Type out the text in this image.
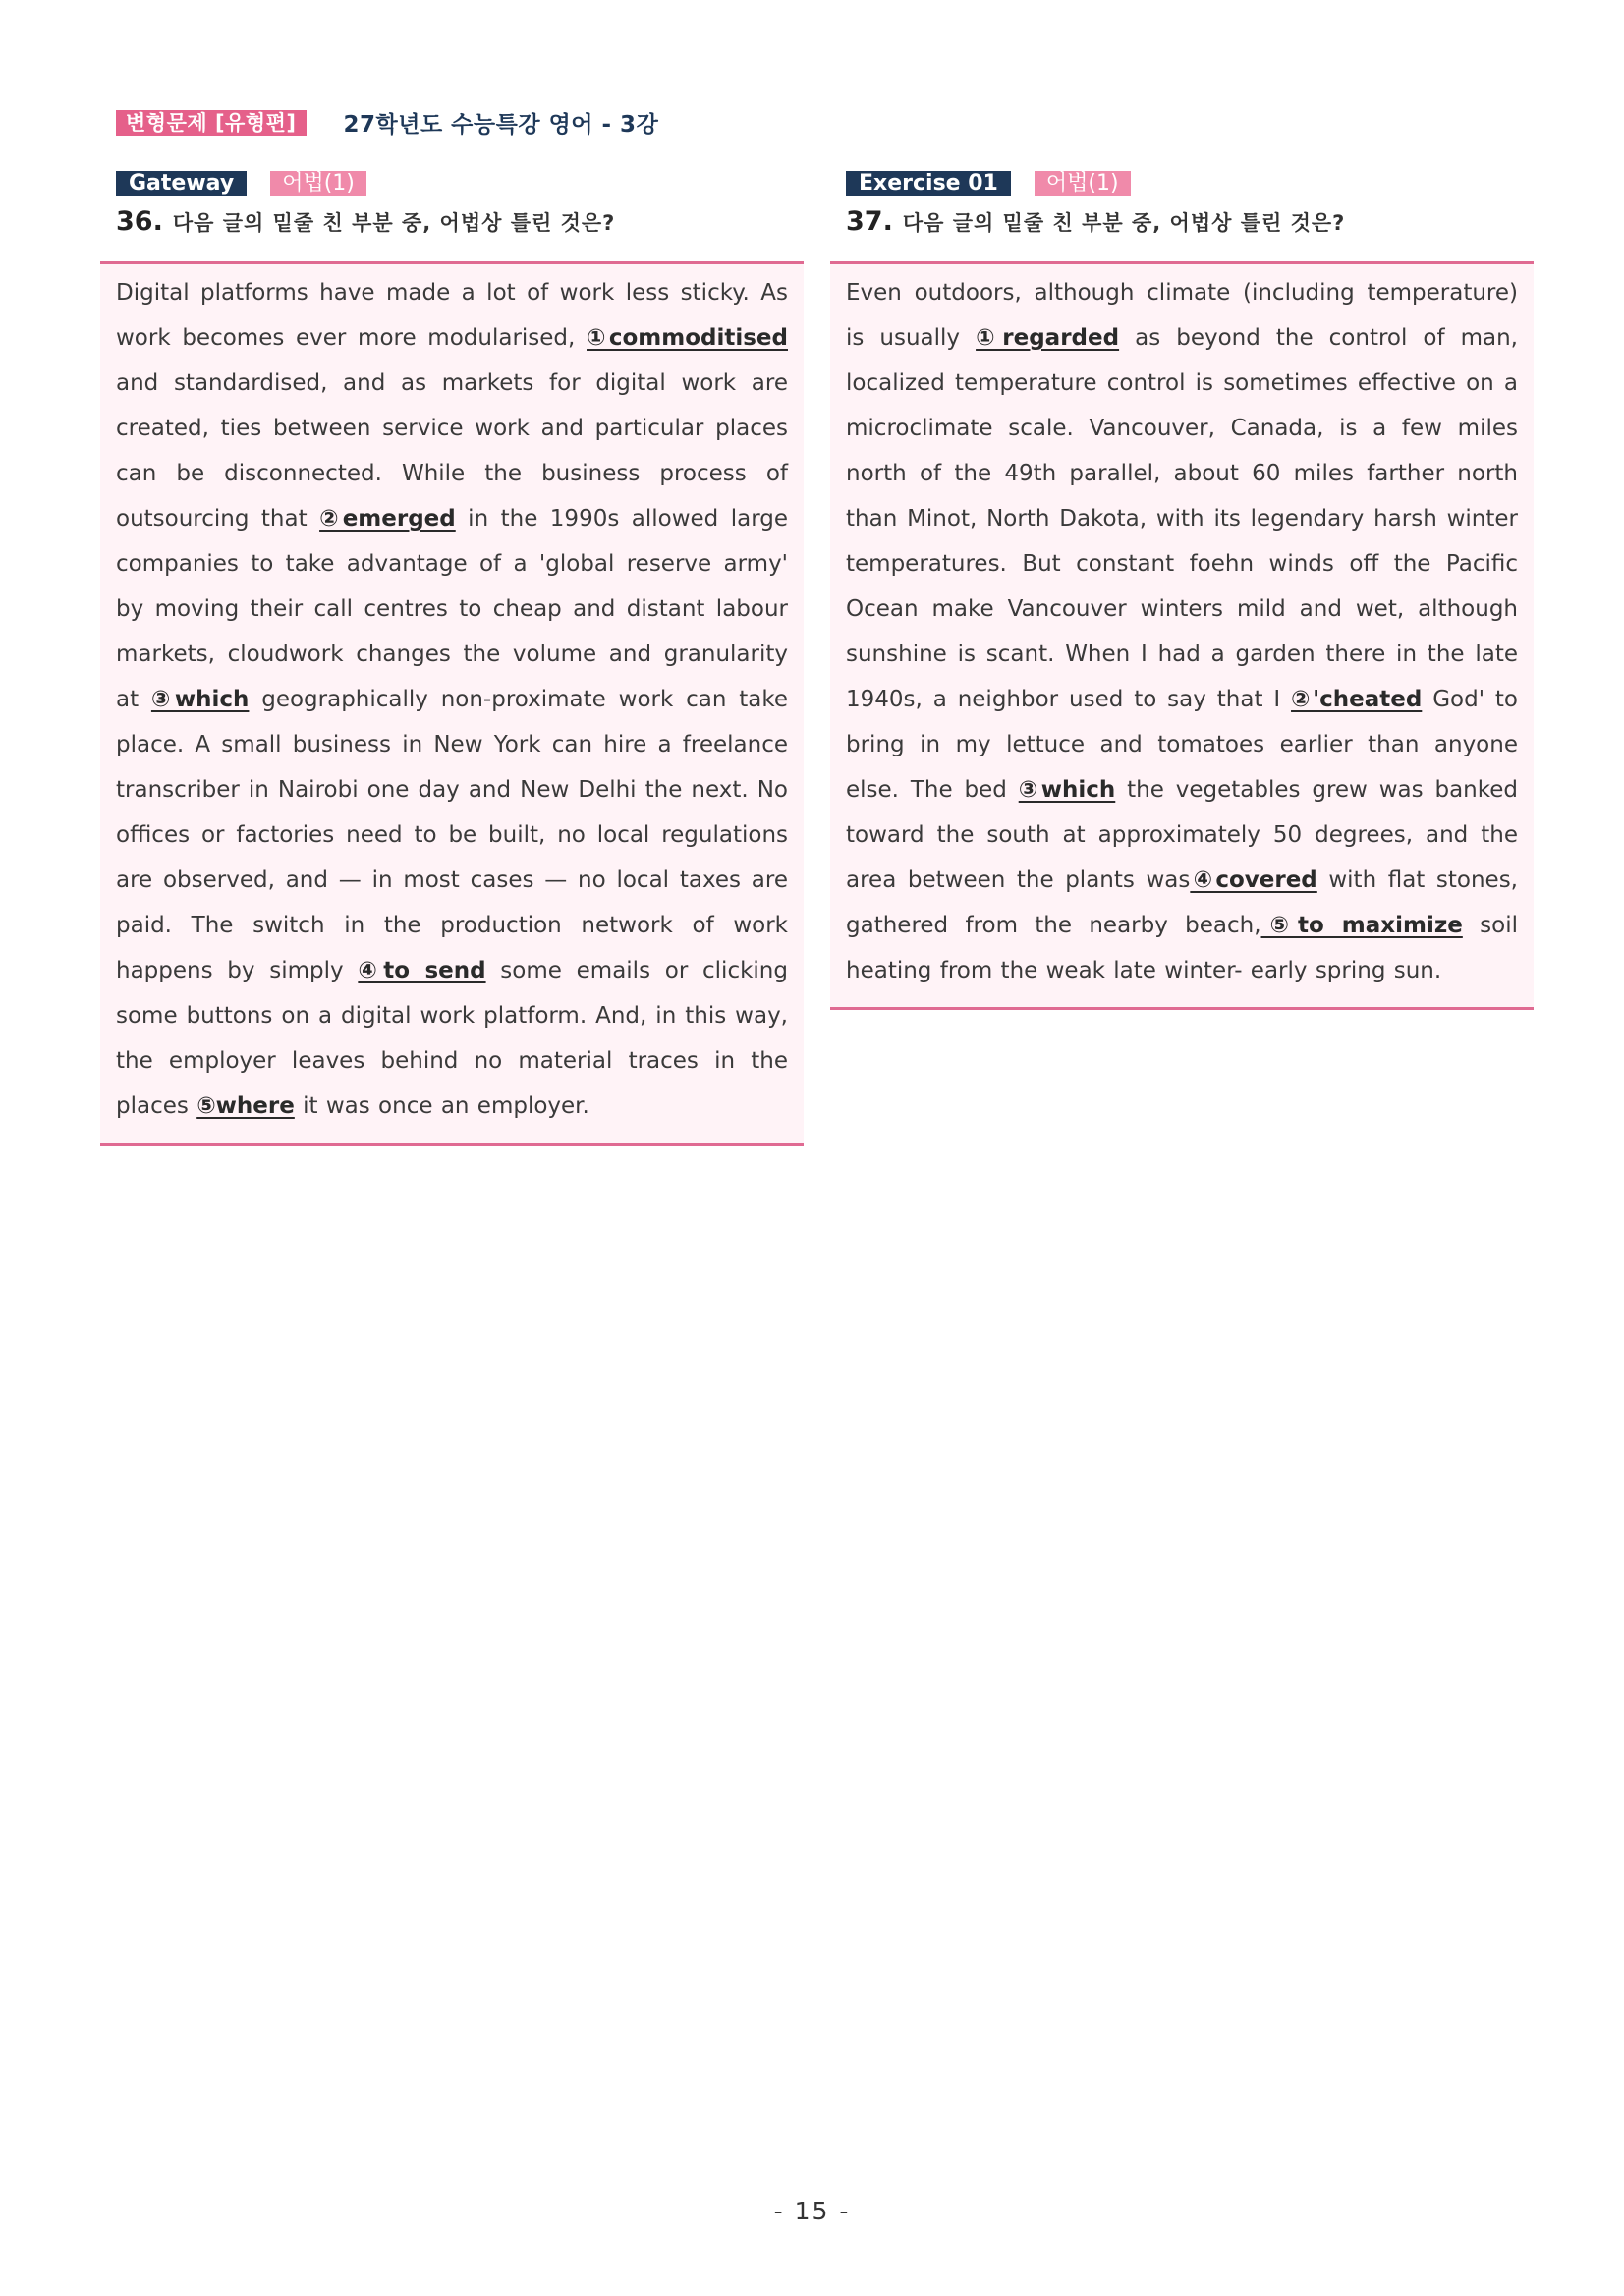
변형문제 [유형편]	27학년도 수능특강 영어 - 3강
Gateway	어법(1)
36. 다음 글의 밑줄 친 부분 중, 어법상 틀린 것은?

Digital platforms have made a lot of work less sticky. As work becomes ever more modularised, ①commoditised and standardised, and as markets for digital work are created, ties between service work and particular places can be disconnected. While the business process of outsourcing that ②emerged in the 1990s allowed large companies to take advantage of a 'global reserve army' by moving their call centres to cheap and distant labour markets, cloudwork changes the volume and granularity at ③which geographically non-proximate work can take place. A small business in New York can hire a freelance transcriber in Nairobi one day and New Delhi the next. No offices or factories need to be built, no local regulations are observed, and — in most cases — no local taxes are paid. The switch in the production network of work happens by simply ④to send some emails or clicking some buttons on a digital work platform. And, in this way, the employer leaves behind no material traces in the places ⑤where it was once an employer.

Exercise 01	어법(1)
37. 다음 글의 밑줄 친 부분 중, 어법상 틀린 것은?

Even outdoors, although climate (including temperature) is usually ①regarded as beyond the control of man, localized temperature control is sometimes effective on a microclimate scale. Vancouver, Canada, is a few miles north of the 49th parallel, about 60 miles farther north than Minot, North Dakota, with its legendary harsh winter temperatures. But constant foehn winds off the Pacific Ocean make Vancouver winters mild and wet, although sunshine is scant. When I had a garden there in the late 1940s, a neighbor used to say that I ②'cheated God' to bring in my lettuce and tomatoes earlier than anyone else. The bed ③which the vegetables grew was banked toward the south at approximately 50 degrees, and the area between the plants was④covered with flat stones, gathered from the nearby beach,⑤to maximize soil heating from the weak late winter- early spring sun.

- 15 -
